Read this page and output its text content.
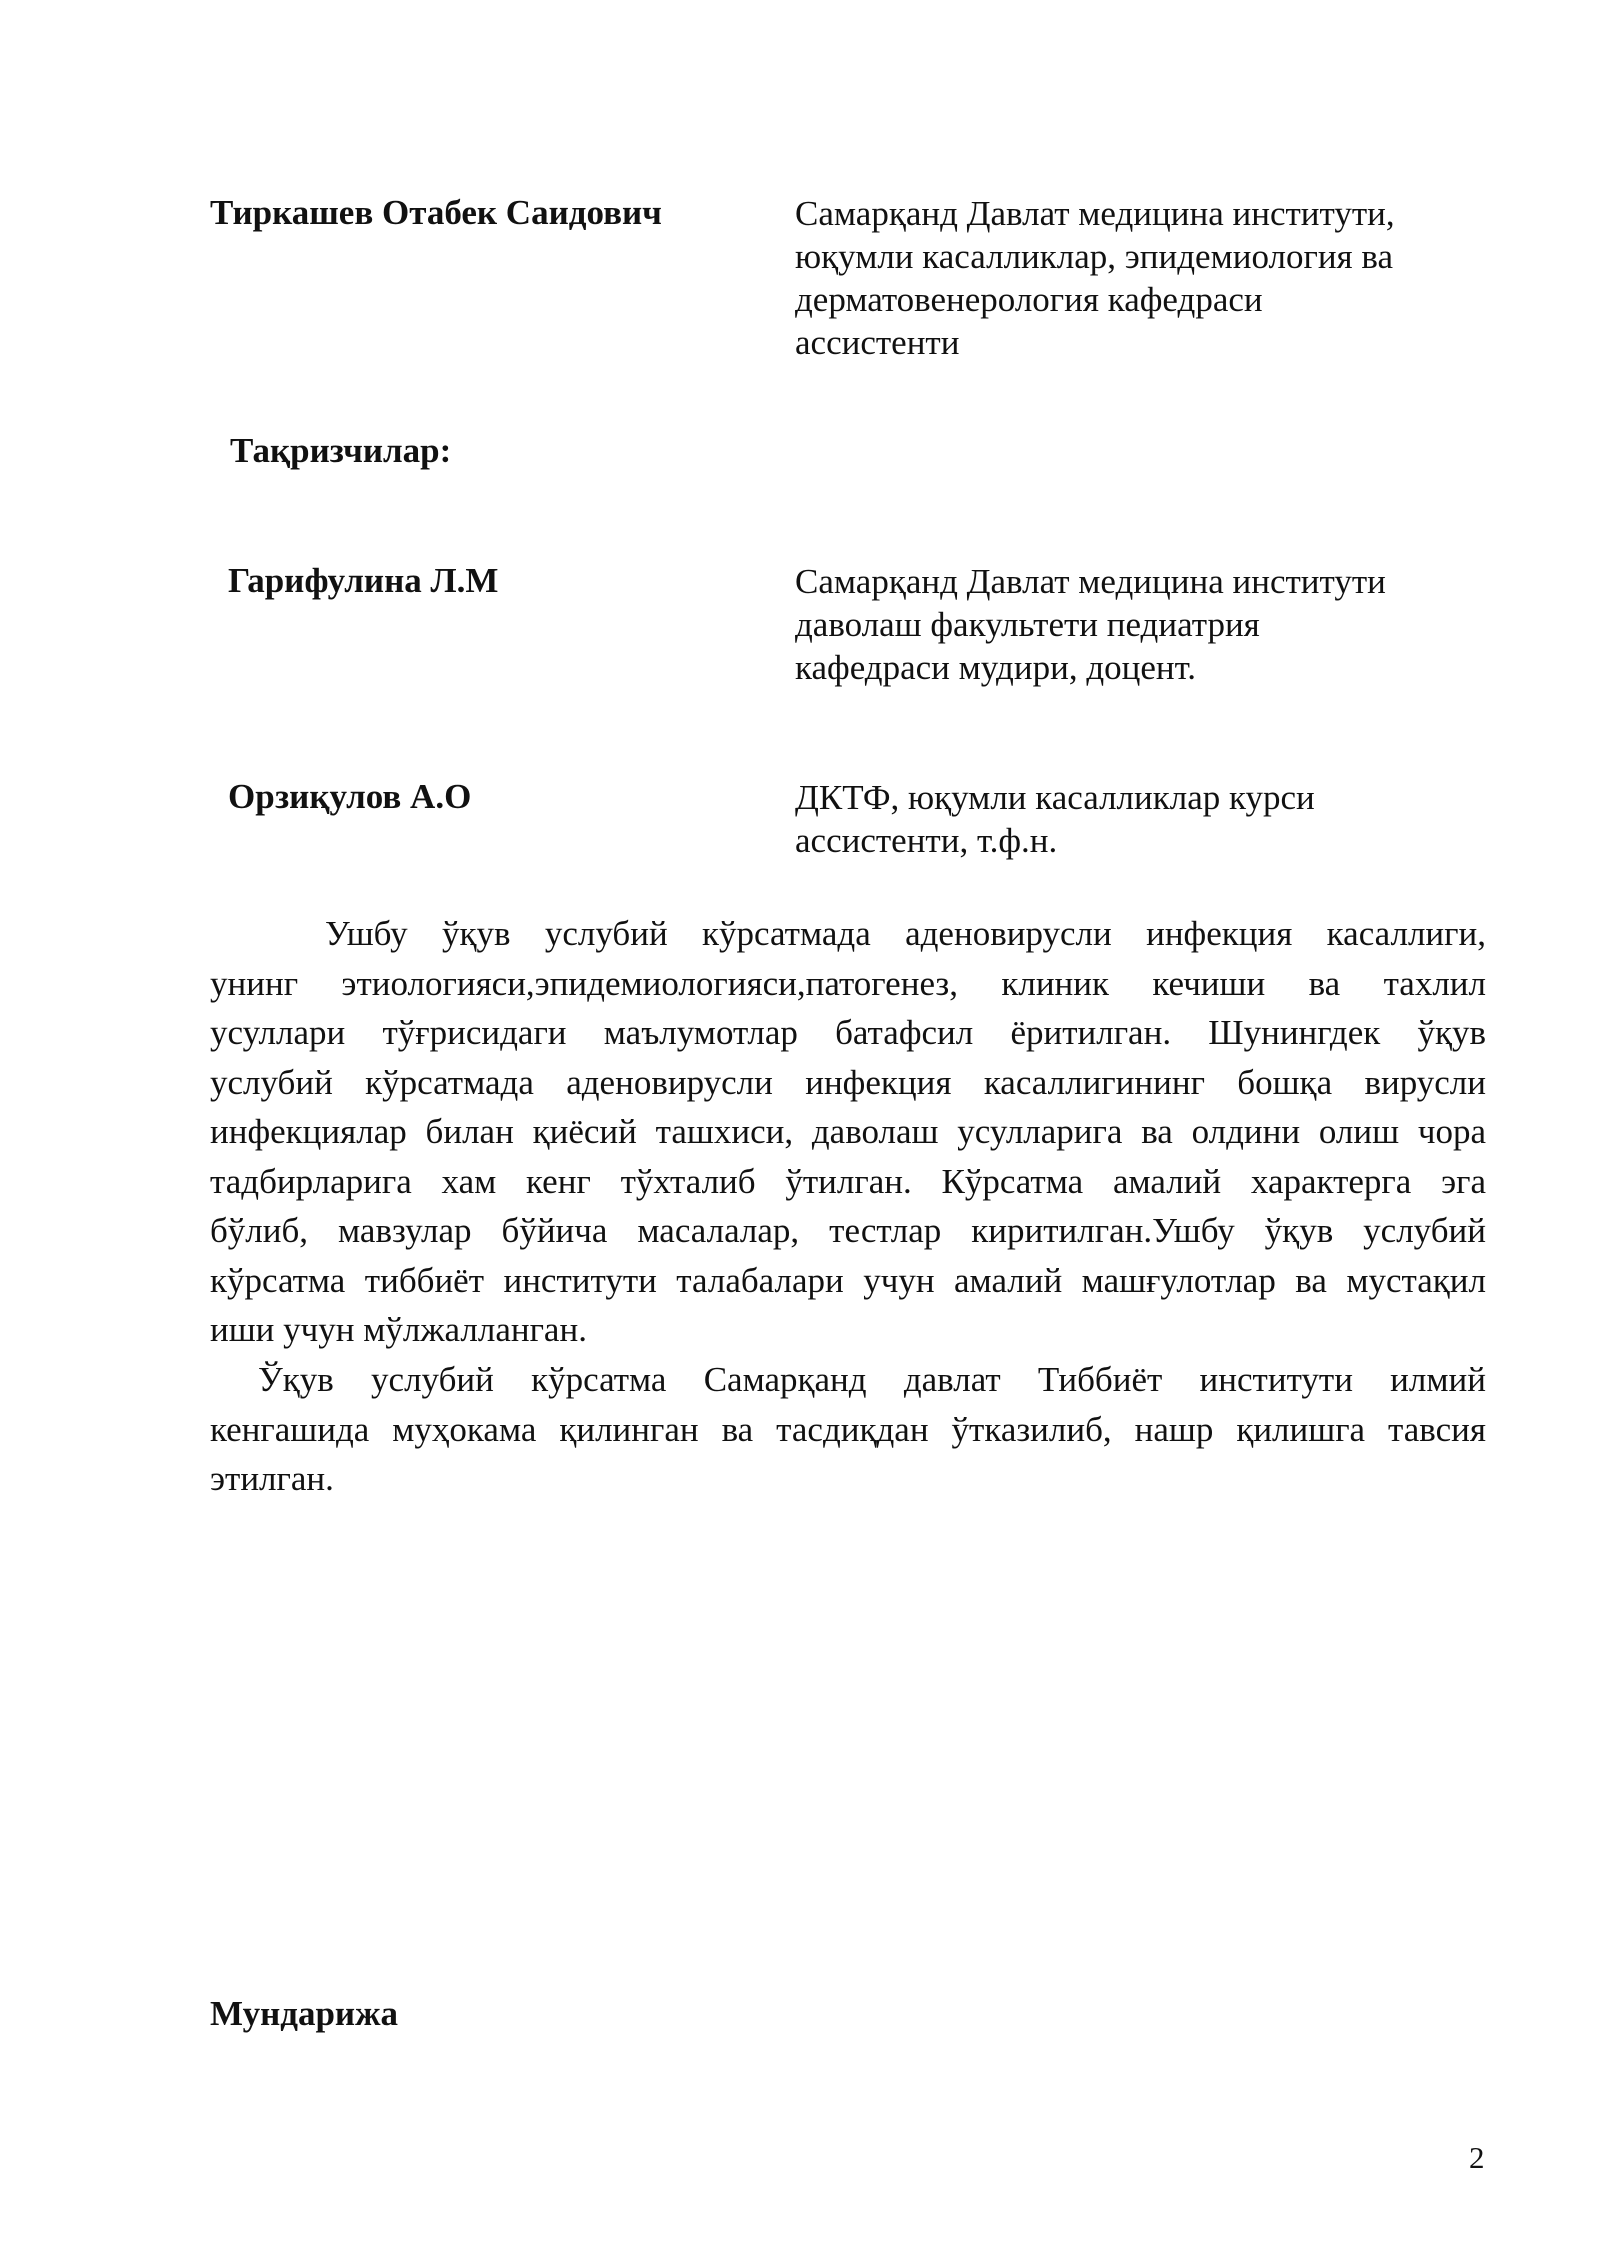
Тиркашев Отабек Саидович	Самарқанд Давлат медицина институти,
юқумли касалликлар, эпидемиология ва
дерматовенерология кафедраси
ассистенти
Тақризчилар:
Гарифулина Л.М	Самарқанд Давлат медицина институти
даволаш факультети педиатрия
кафедраси мудири, доцент.
Орзиқулов А.О	ДКТФ, юқумли касалликлар курси
ассистенти, т.ф.н.
Ушбу ўқув услубий кўрсатмада аденовирусли инфекция касаллиги,
унинг этиологияси,эпидемиологияси,патогенез, клиник кечиши ва тахлил
усуллари тўғрисидаги маълумотлар батафсил ёритилган. Шунингдек ўқув
услубий кўрсатмада аденовирусли инфекция касаллигининг бошқа вирусли
инфекциялар билан қиёсий ташхиси, даволаш усулларига ва олдини олиш чора
тадбирларига хам кенг тўхталиб ўтилган. Кўрсатма амалий характерга эга
бўлиб, мавзулар бўйича масалалар, тестлар киритилган.Ушбу ўқув услубий
кўрсатма тиббиёт институти талабалари учун амалий машғулотлар ва мустақил
иши учун мўлжалланган.
Ўқув услубий кўрсатма Самарқанд давлат Тиббиёт институти илмий
кенгашида муҳокама қилинган ва тасдиқдан ўтказилиб, нашр қилишга тавсия
этилган.
Мундарижа
2
